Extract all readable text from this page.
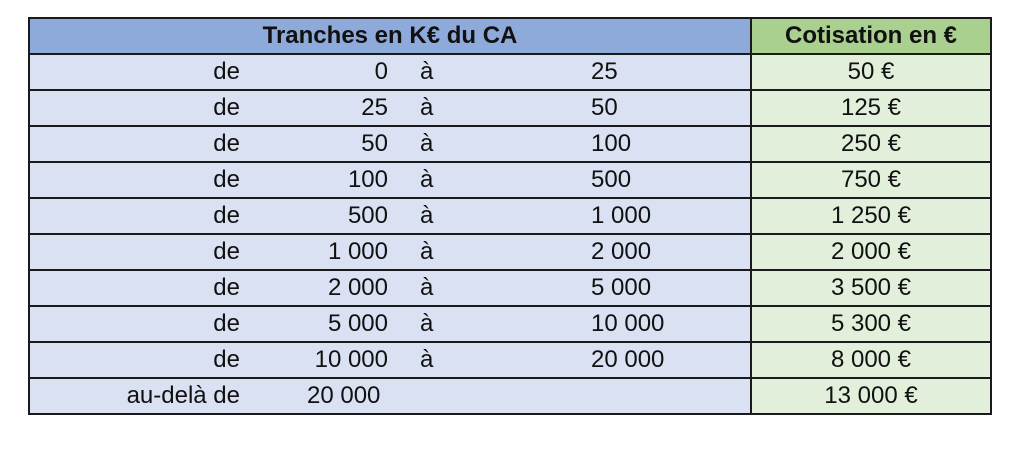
Tranches en K€ du CA	Cotisation en €

de 0 à 25	50 €

de 25 à 50	125 €

de 50 à 100	250 €

de 100 à 500	750 €

de 500 à 1 000	1 250 €

de 1 000 à 2 000	2 000 €

de 2 000 à 5 000	3 500 €

de 5 000 à 10 000	5 300 €

de 10 000 à 20 000	8 000 €

au-delà de 20 000	13 000 €
